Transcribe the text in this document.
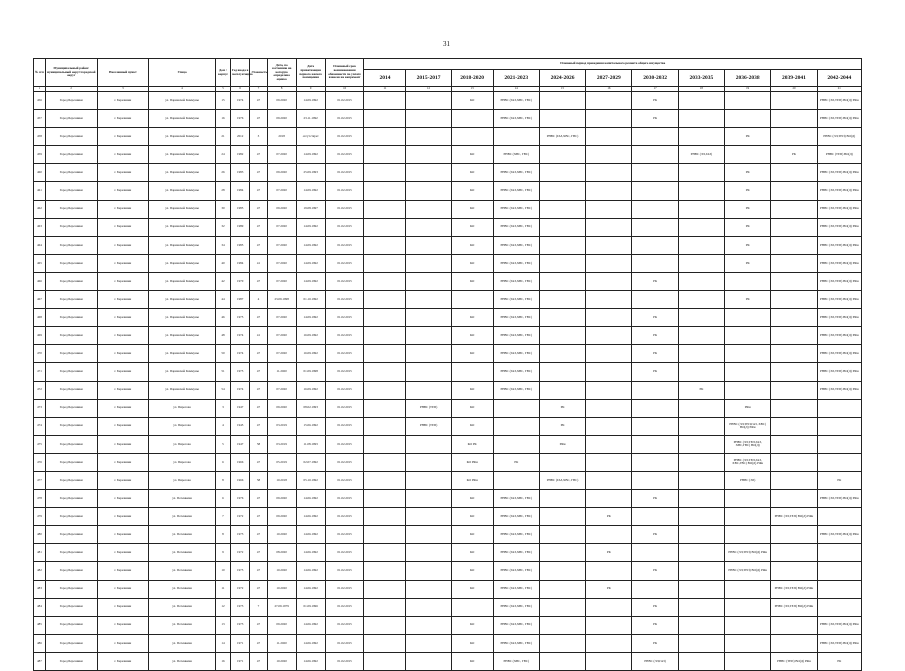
31
№ п/п	Муниципальный район/муниципальный округ/городской округ	Населенный пункт	Улица	Дом / корпус	Год ввода в эксплуатацию	Этажность	Дата, по состоянию на которую определена оценка	Дата приватизации первого жилого помещения	Плановый срок возникновения обязанности по уплате взносов на капремонт	Плановый период проведения капитального ремонта общего имущества										
										2014	2015-2017	2018-2020	2021-2023	2024-2026	2027-2029	2030-2032	2033-2035	2036-2038	2039-2041	2042-2044
1	2	3	4	5	6	7	8	9	10	11	12	13	14	15	16	17	18	19	20	21
456	Город Березники	г. Березники	ул. Парижской Коммуны	15	1974	47	09.2020	14.09.1992	01.02.2015			КО	РНВС (ГАЗ,ХВС, ГВС)			РК				РНВС (ЭЛ,ТЕП) ВО(Д) РФн
457	Город Березники	г. Березники	ул. Парижской Коммуны	16	1976	47	09.2020	23.11.1992	01.02.2015				РНВС (ГАЗ,ХВС, ГВС)			РК				РНВС (ЭЛ,ТЕП) ВО(Д) РФн
458	Город Березники	г. Березники	ул. Парижской Коммуны	21	2012	3	2018	отсутствует	01.02.2015					РНВС (ГАЗ,ХВС, ГВС)				РК		РНВС (ЭЛ,ТЕП) ВО(Д)
459	Город Березники	г. Березники	ул. Парижской Коммуны	24	1982	47	07.2020	14.09.1992	01.02.2015			КО	РНВС (ХВС, ГВС)				РНВС (ЭЛ,ГАЗ)		РК	РНВС (ТЕП) ВО(Д)
460	Город Березники	г. Березники	ул. Парижской Коммуны	26	1983	47	09.2020	25.09.1993	01.02.2015			КО	РНВС (ГАЗ,ХВС, ГВС)					РК		РНВС (ЭЛ,ТЕП) ВО(Д) РФн
461	Город Березники	г. Березники	ул. Парижской Коммуны	28	1984	47	07.2020	14.09.1992	01.02.2015			КО	РНВС (ГАЗ,ХВС, ГВС)					РК		РНВС (ЭЛ,ТЕП) ВО(Д) РФн
462	Город Березники	г. Березники	ул. Парижской Коммуны	30	1985	47	09.2020	19.08.1997	01.02.2015			КО	РНВС (ГАЗ,ХВС, ГВС)					РК		РНВС (ЭЛ,ТЕП) ВО(Д) РФн
463	Город Березники	г. Березники	ул. Парижской Коммуны	32	1989	47	07.2020	14.09.1992	01.02.2015			КО	РНВС (ГАЗ,ХВС, ГВС)					РК		РНВС (ЭЛ,ТЕП) ВО(Д) РФн
464	Город Березники	г. Березники	ул. Парижской Коммуны	34	1985	47	07.2020	14.09.1992	01.02.2015			КО	РНВС (ГАЗ,ХВС, ГВС)					РК		РНВС (ЭЛ,ТЕП) ВО(Д) РФн
465	Город Березники	г. Березники	ул. Парижской Коммуны	40	1984	41	07.2020	14.09.1992	01.02.2015			КО	РНВС (ГАЗ,ХВС, ГВС)					РК		РНВС (ЭЛ,ТЕП) ВО(Д) РФн
466	Город Березники	г. Березники	ул. Парижской Коммуны	42	1970	47	07.2020	14.09.1992	01.02.2015			КО	РНВС (ГАЗ,ХВС, ГВС)			РК				РНВС (ЭЛ,ТЕП) ВО(Д) РФн
467	Город Березники	г. Березники	ул. Парижской Коммуны	44	1987	4	23.09.1998	01.10.1992	01.02.2015				РНВС (ГАЗ,ХВС, ГВС)					РК		РНВС (ЭЛ,ТЕП) ВО(Д) РФн
468	Город Березники	г. Березники	ул. Парижской Коммуны	46	1975	47	07.2020	14.09.1992	01.02.2015			КО	РНВС (ГАЗ,ХВС, ГВС)			РК				РНВС (ЭЛ,ТЕП) ВО(Д) РФн
469	Город Березники	г. Березники	ул. Парижской Коммуны	48	1974	41	07.2020	16.09.1992	01.02.2015			КО	РНВС (ГАЗ,ХВС, ГВС)			РК				РНВС (ЭЛ,ТЕП) ВО(Д) РФн
470	Город Березники	г. Березники	ул. Парижской Коммуны	50	1974	47	07.2020	16.09.1992	01.02.2015			КО	РНВС (ГАЗ,ХВС, ГВС)			РК				РНВС (ЭЛ,ТЕП) ВО(Д) РФн
471	Город Березники	г. Березники	ул. Парижской Коммуны	51	1975	47	11.2020	01.09.1998	01.02.2015				РНВС (ГАЗ,ХВС, ГВС)			РК				РНВС (ЭЛ,ТЕП) ВО(Д) РФн
472	Город Березники	г. Березники	ул. Парижской Коммуны	54	1974	47	07.2020	16.09.1992	01.02.2015			КО	РНВС (ГАЗ,ХВС, ГВС)				РК			РНВС (ЭЛ,ТЕП) ВО(Д) РФн
473	Город Березники	г. Березники	ул. Пирогова	3	1947	47	09.2020	08.02.1993	01.02.2015		РНВС (ТЕП)	КО		РК				РФн		
474	Город Березники	г. Березники	ул. Пирогова	4	1945	47	03.2019	15.06.1992	01.02.2015		РНВС (ТЕП)	КО		РК				РНВС (ЭЛ,ТЕП,ГАЗ, ХВС) ВО(Д) РФн		
475	Город Березники	г. Березники	ул. Пирогова	5	1947	58	03.2019	11.08.1993	01.02.2015			КО РК		РФн				РНВС (ЭЛ,ТЕП,ГАЗ, ХВС,ГВС) ВО(Д)		
476	Город Березники	г. Березники	ул. Пирогова	6	1966	47	05.2019	02.07.1992	01.02.2015			КО РФн	РК					РНВС (ЭЛ,ТЕП,ГАЗ, ХВС,ГВС) ВО(Д) РФн		
477	Город Березники	г. Березники	ул. Пирогова	8	1966	58	10.2018	05.10.1992	01.02.2015			КО РФн		РНВС (ГАЗ,ХВС, ГВС)				РНВС (ЭЛ)		РК
478	Город Березники	г. Березники	ул. Потемкина	6	1976	47	09.2020	14.06.1992	01.02.2015			КО	РНВС (ГАЗ,ХВС, ГВС)			РК				РНВС (ЭЛ,ТЕП) ВО(Д) РФн
479	Город Березники	г. Березники	ул. Потемкина	7	1972	47	09.2020	14.06.1992	01.02.2015			КО	РНВС (ГАЗ,ХВС, ГВС)		РК				РНВС (ЭЛ,ТЕП) ВО(Д) РФн	
480	Город Березники	г. Березники	ул. Потемкина	8	1973	47	10.2020	14.06.1992	01.02.2015			КО	РНВС (ГАЗ,ХВС, ГВС)			РК				РНВС (ЭЛ,ТЕП) ВО(Д) РФн
481	Город Березники	г. Березники	ул. Потемкина	9	1972	47	08.2020	14.06.1992	01.02.2015			КО	РНВС (ГАЗ,ХВС, ГВС)		РК			РНВС (ЭЛ,ТЕП) ВО(Д) РФн		
482	Город Березники	г. Березники	ул. Потемкина	10	1975	47	10.2020	14.06.1992	01.02.2015			КО	РНВС (ГАЗ,ХВС, ГВС)			РК		РНВС (ЭЛ,ТЕП) ВО(Д) РФн		
483	Город Березники	г. Березники	ул. Потемкина	11	1972	47	10.2020	14.06.1992	01.02.2015			КО	РНВС (ГАЗ,ХВС, ГВС)		РК				РНВС (ЭЛ,ТЕП) ВО(Д) РФн	
484	Город Березники	г. Березники	ул. Потемкина	12	1973	7	27.09.1979	01.09.1996	01.02.2015				РНВС (ГАЗ,ХВС, ГВС)			РК			РНВС (ЭЛ,ТЕП) ВО(Д) РФн	
485	Город Березники	г. Березники	ул. Потемкина	13	1973	47	09.2020	14.06.1992	01.02.2015			КО	РНВС (ГАЗ,ХВС, ГВС)			РК				РНВС (ЭЛ,ТЕП) ВО(Д) РФн
486	Город Березники	г. Березники	ул. Потемкина	14	1971	47	11.2020	14.06.1992	01.02.2015			КО	РНВС (ГАЗ,ХВС, ГВС)			РК				РНВС (ЭЛ,ТЕП) ВО(Д) РФн
487	Город Березники	г. Березники	ул. Потемкина	16	1971	47	10.2020	14.06.1992	01.02.2015			КО	РНВС (ХВС, ГВС)			РНВС (ЭЛ,ГАЗ)			РНВС (ТЕП) ВО(Д) РФн	РК
